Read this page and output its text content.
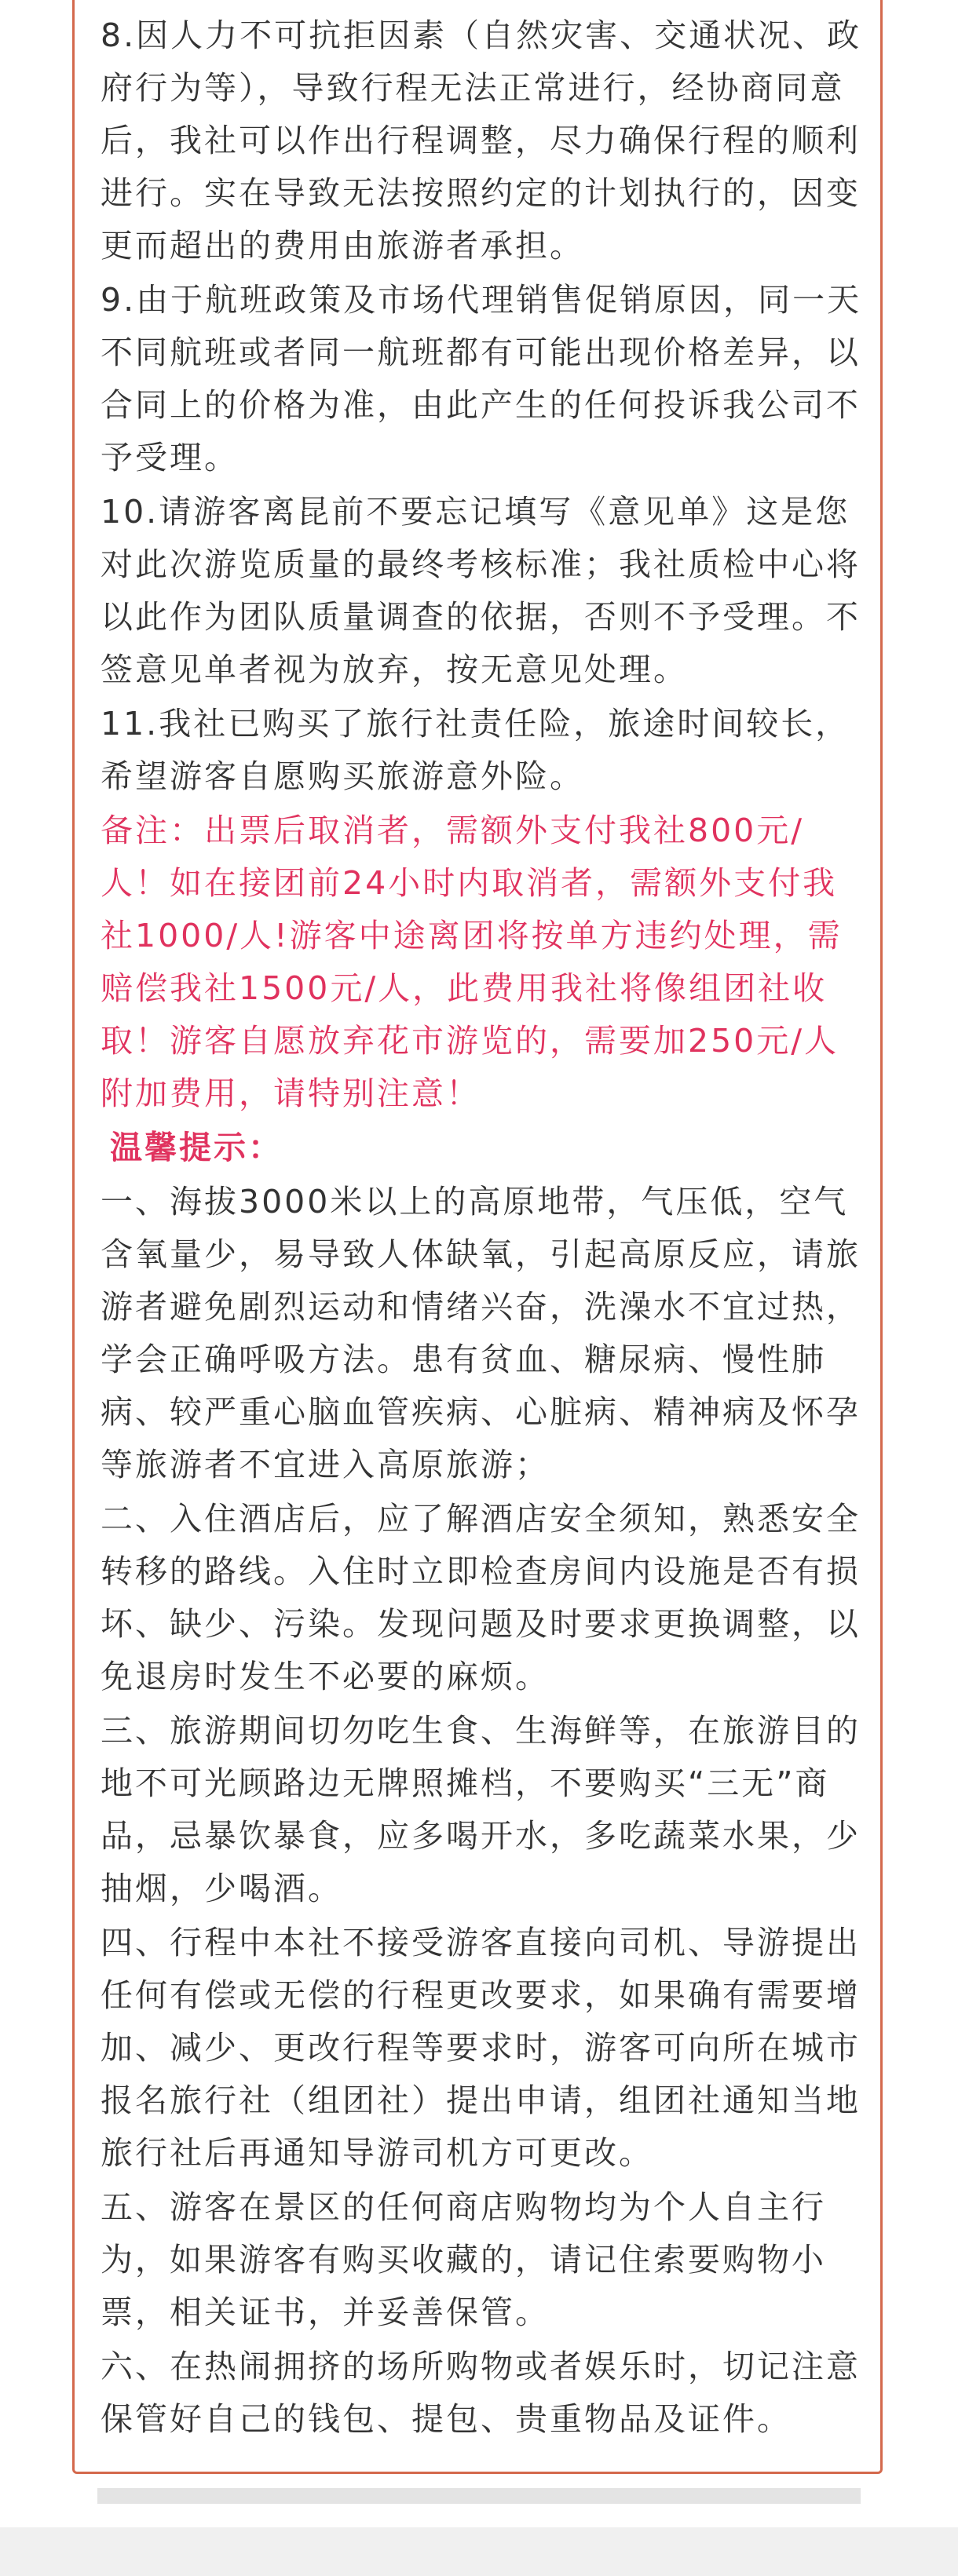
8.因人力不可抗拒因素（自然灾害、交通状况、政府行为等），导致行程无法正常进行，经协商同意后，我社可以作出行程调整，尽力确保行程的顺利进行。实在导致无法按照约定的计划执行的，因变更而超出的费用由旅游者承担。

9.由于航班政策及市场代理销售促销原因，同一天不同航班或者同一航班都有可能出现价格差异，以合同上的价格为准，由此产生的任何投诉我公司不予受理。

10.请游客离昆前不要忘记填写《意见单》这是您对此次游览质量的最终考核标准；我社质检中心将以此作为团队质量调查的依据，否则不予受理。不签意见单者视为放弃，按无意见处理。

11.我社已购买了旅行社责任险，旅途时间较长，希望游客自愿购买旅游意外险。

备注：出票后取消者，需额外支付我社800元/人！如在接团前24小时内取消者，需额外支付我社1000/人!游客中途离团将按单方违约处理，需赔偿我社1500元/人，此费用我社将像组团社收取！游客自愿放弃花市游览的，需要加250元/人附加费用，请特别注意！

温馨提示：

一、海拔3000米以上的高原地带，气压低，空气含氧量少，易导致人体缺氧，引起高原反应，请旅游者避免剧烈运动和情绪兴奋，洗澡水不宜过热，学会正确呼吸方法。患有贫血、糖尿病、慢性肺病、较严重心脑血管疾病、心脏病、精神病及怀孕等旅游者不宜进入高原旅游；

二、入住酒店后，应了解酒店安全须知，熟悉安全转移的路线。入住时立即检查房间内设施是否有损坏、缺少、污染。发现问题及时要求更换调整，以免退房时发生不必要的麻烦。

三、旅游期间切勿吃生食、生海鲜等，在旅游目的地不可光顾路边无牌照摊档，不要购买“三无”商品，忌暴饮暴食，应多喝开水，多吃蔬菜水果，少抽烟，少喝酒。

四、行程中本社不接受游客直接向司机、导游提出任何有偿或无偿的行程更改要求，如果确有需要增加、减少、更改行程等要求时，游客可向所在城市报名旅行社（组团社）提出申请，组团社通知当地旅行社后再通知导游司机方可更改。

五、游客在景区的任何商店购物均为个人自主行为，如果游客有购买收藏的，请记住索要购物小票，相关证书，并妥善保管。

六、在热闹拥挤的场所购物或者娱乐时，切记注意保管好自己的钱包、提包、贵重物品及证件。
